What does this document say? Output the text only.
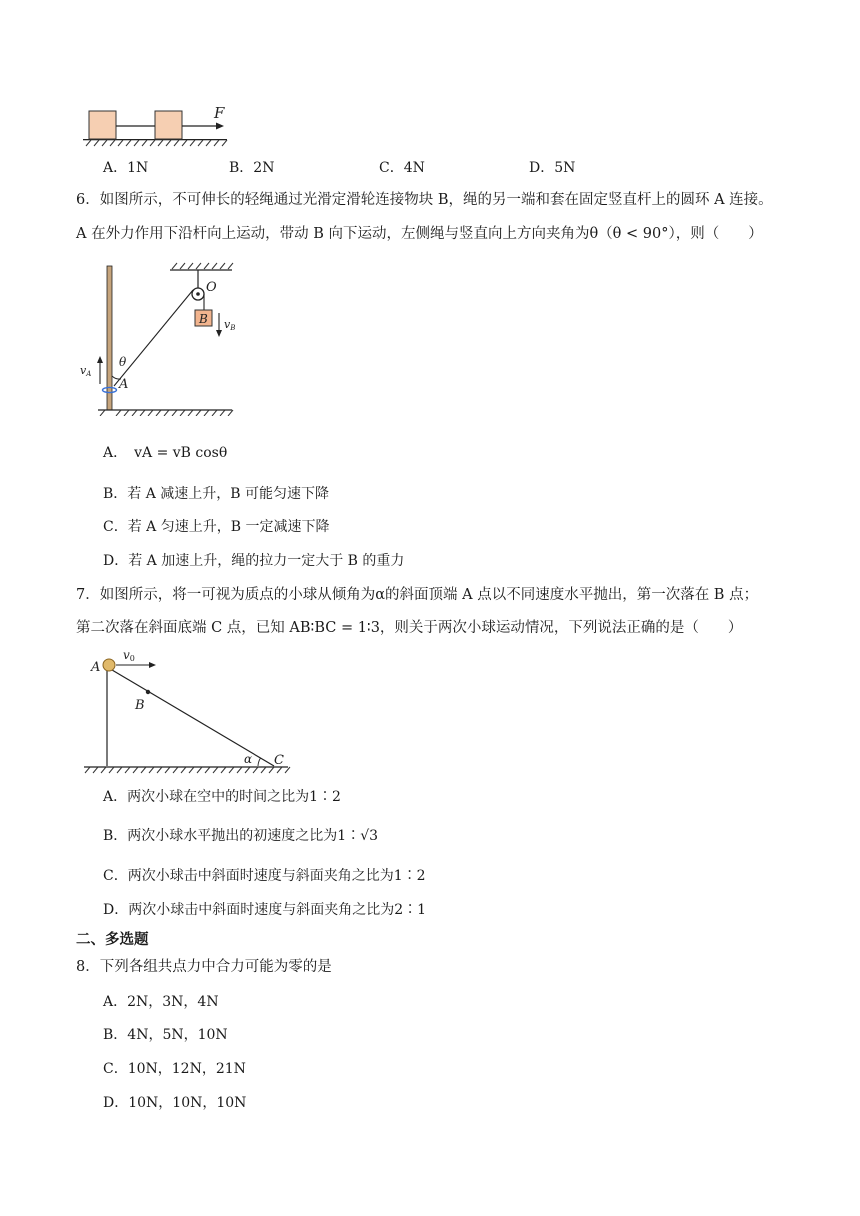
F
A．1N	B．2N	C．4N	D．5N
6．如图所示，不可伸长的轻绳通过光滑定滑轮连接物块 B，绳的另一端和套在固定竖直杆上的圆环 A 连接。
A 在外力作用下沿杆向上运动，带动 B 向下运动，左侧绳与竖直向上方向夹角为θ（θ < 90°），则（　　）
O
B vB
A
θ
vA
A．　vA = vB cosθ
B．若 A 减速上升，B 可能匀速下降
C．若 A 匀速上升，B 一定减速下降
D．若 A 加速上升，绳的拉力一定大于 B 的重力
7．如图所示，将一可视为质点的小球从倾角为α的斜面顶端 A 点以不同速度水平抛出，第一次落在 B 点；
第二次落在斜面底端 C 点，已知 AB∶BC = 1∶3，则关于两次小球运动情况，下列说法正确的是（　　）
A
v0
B
α C
A．两次小球在空中的时间之比为1∶2
B．两次小球水平抛出的初速度之比为1∶√3
C．两次小球击中斜面时速度与斜面夹角之比为1∶2
D．两次小球击中斜面时速度与斜面夹角之比为2∶1
二、多选题
8．下列各组共点力中合力可能为零的是
A．2N，3N，4N
B．4N，5N，10N
C．10N，12N，21N
D．10N，10N，10N
